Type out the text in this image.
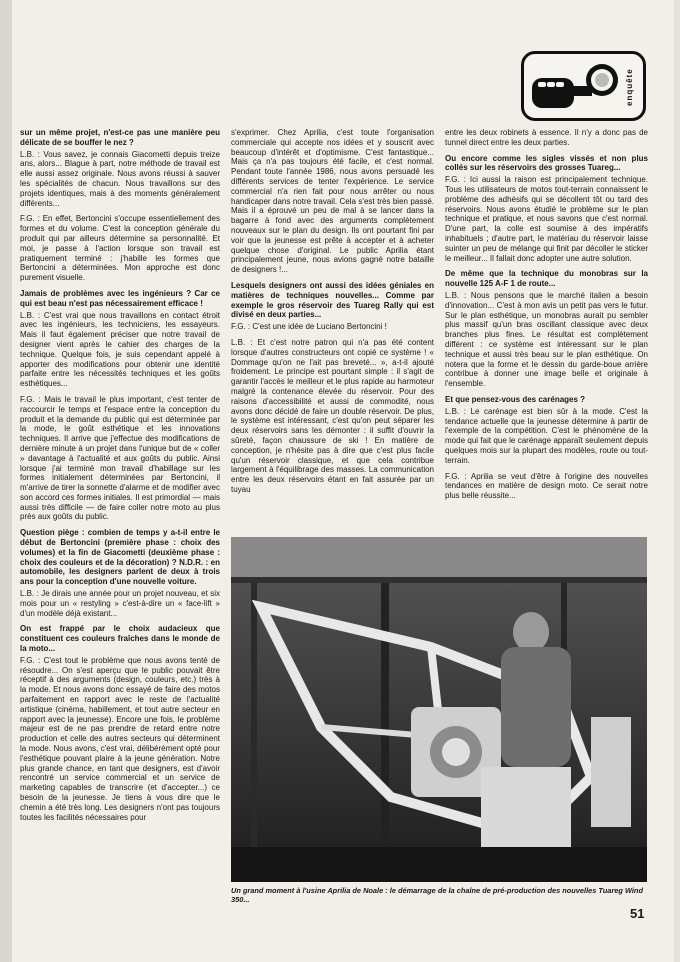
enquête

sur un même projet, n'est-ce pas une manière peu délicate de se bouffer le nez ?

L.B. : Vous savez, je connais Giacometti depuis treize ans, alors... Blague à part, notre méthode de travail est elle aussi assez originale. Nous avons réussi à sauver les spécialités de chacun. Nous travaillons sur des projets identiques, mais à des moments généralement différents...

F.G. : En effet, Bertoncini s'occupe essentiellement des formes et du volume. C'est la conception générale du produit qui par ailleurs détermine sa personnalité. Et moi, je passe à l'action lorsque son travail est pratiquement terminé : j'habille les formes que Bertoncini a déterminées. Mon approche est donc purement visuelle.

Jamais de problèmes avec les ingénieurs ? Car ce qui est beau n'est pas nécessairement efficace !

L.B. : C'est vrai que nous travaillons en contact étroit avec les ingénieurs, les techniciens, les essayeurs. Mais il faut également préciser que notre travail de designer vient après le cahier des charges de la technique. Quelque fois, je suis cependant appelé à apporter des modifications pour obtenir une identité parfaite entre les nécessités techniques et les goûts esthétiques...

F.G. : Mais le travail le plus important, c'est tenter de raccourcir le temps et l'espace entre la conception du produit et la demande du public qui est déterminée par la mode, le goût esthétique et les innovations techniques. Il arrive que j'effectue des modifications de dernière minute à un projet dans l'unique but de « coller » davantage à l'actualité et aux goûts du public. Ainsi lorsque j'ai terminé mon travail d'habillage sur les formes initialement déterminées par Bertoncini, il m'arrive de tirer la sonnette d'alarme et de modifier avec son accord ces formes initiales. Il est primordial — mais aussi très difficile — de faire coller notre moto au plus près aux goûts du public.

Question piège : combien de temps y a-t-il entre le début de Bertoncini (première phase : choix des volumes) et la fin de Giacometti (deuxième phase : choix des couleurs et de la décoration) ? N.D.R. : en automobile, les designers parlent de deux à trois ans pour la conception d'une nouvelle voiture.

L.B. : Je dirais une année pour un projet nouveau, et six mois pour un « restyling » c'est-à-dire un « face-lift » d'un modèle déjà existant...

On est frappé par le choix audacieux que constituent ces couleurs fraîches dans le monde de la moto...

F.G. : C'est tout le problème que nous avons tenté de résoudre... On s'est aperçu que le public pouvait être réceptif à des arguments (design, couleurs, etc.) très à la mode. Et nous avons donc essayé de faire des motos parfaitement en rapport avec le reste de l'actualité artistique (cinéma, habillement, et tout autre secteur en rapport avec la jeunesse). Encore une fois, le problème majeur est de ne pas prendre de retard entre notre production et celle des autres secteurs qui déterminent la mode. Nous avons, c'est vrai, délibérément opté pour l'esthétique pouvant plaire à la jeune génération. Notre plus grande chance, en tant que designers, est d'avoir rencontré un service commercial et un service de marketing capables de transcrire (et d'accepter...) ce besoin de la jeunesse. Je tiens à vous dire que le chemin a été très long. Les designers n'ont pas toujours toutes les facilités nécessaires pour

s'exprimer. Chez Aprilia, c'est toute l'organisation commerciale qui accepte nos idées et y souscrit avec beaucoup d'intérêt et d'optimisme. C'est fantastique... Mais ça n'a pas toujours été facile, et c'est normal. Pendant toute l'année 1986, nous avons persuadé les différents services de tenter l'expérience. Le service commercial n'a rien fait pour nous arrêter ou nous handicaper dans notre travail. Cela s'est très bien passé. Mais il a éprouvé un peu de mal à se lancer dans la bagarre à fond avec des arguments complètement nouveaux sur le plan du design. Ils ont pourtant fini par voir que la jeunesse est prête à accepter et à acheter quelque chose d'original. Le public Aprilia étant principalement jeune, nous avions gagné notre bataille de designers !...

Lesquels designers ont aussi des idées géniales en matières de techniques nouvelles... Comme par exemple le gros réservoir des Tuareg Rally qui est divisé en deux parties...

F.G. : C'est une idée de Luciano Bertoncini !

L.B. : Et c'est notre patron qui n'a pas été content lorsque d'autres constructeurs ont copié ce système ! « Dommage qu'on ne l'ait pas breveté... », a-t-il ajouté froidement. Le principe est pourtant simple : il s'agit de garantir l'accès le meilleur et le plus rapide au harmoteur malgré la contenance élevée du réservoir. Pour des raisons d'accessibilité et aussi de commodité, nous avons donc décidé de faire un double réservoir. De plus, le système est intéressant, c'est qu'on peut séparer les deux réservoirs sans les démonter : il suffit d'ouvrir la sûreté, façon chaussure de ski ! En matière de conception, je n'hésite pas à dire que c'est plus facile qu'un réservoir classique, et que cela contribue largement à l'équilibrage des masses. La communication entre les deux réservoirs étant en fait assurée par un tuyau

entre les deux robinets à essence. Il n'y a donc pas de tunnel direct entre les deux parties.

Ou encore comme les sigles vissés et non plus collés sur les réservoirs des grosses Tuareg...

F.G. : Ici aussi la raison est principalement technique. Tous les utilisateurs de motos tout-terrain connaissent le problème des adhésifs qui se décollent tôt ou tard des réservoirs. Nous avons étudié le problème sur le plan technique et pratique, et nous savons que c'est normal. D'une part, la colle est soumise à des impératifs inhabituels ; d'autre part, le matériau du réservoir laisse suinter un peu de mélange qui finit par décoller le sticker le meilleur... Il fallait donc adopter une autre solution.

De même que la technique du monobras sur la nouvelle 125 A-F 1 de route...

L.B. : Nous pensons que le marché italien a besoin d'innovation... C'est à mon avis un petit pas vers le futur. Sur le plan esthétique, un monobras aurait pu sembler plus massif qu'un bras oscillant classique avec deux branches plus fines. Le résultat est complètement différent : ce système est intéressant sur le plan technique et aussi très beau sur le plan esthétique. On notera que la forme et le dessin du garde-boue arrière contribue à donner une image belle et originale à l'ensemble.

Et que pensez-vous des carénages ?

L.B. : Le carénage est bien sûr à la mode. C'est la tendance actuelle que la jeunesse détermine à partir de l'exemple de la compétition. C'est le phénomène de la mode qui fait que le carénage apparaît seulement depuis quelques mois sur la plupart des modèles, route ou tout-terrain.

F.G. : Aprilia se veut d'être à l'origine des nouvelles tendances en matière de design moto. Ce serait notre plus belle réussite...

Un grand moment à l'usine Aprilia de Noale : le démarrage de la chaîne de pré-production des nouvelles Tuareg Wind 350...
51
